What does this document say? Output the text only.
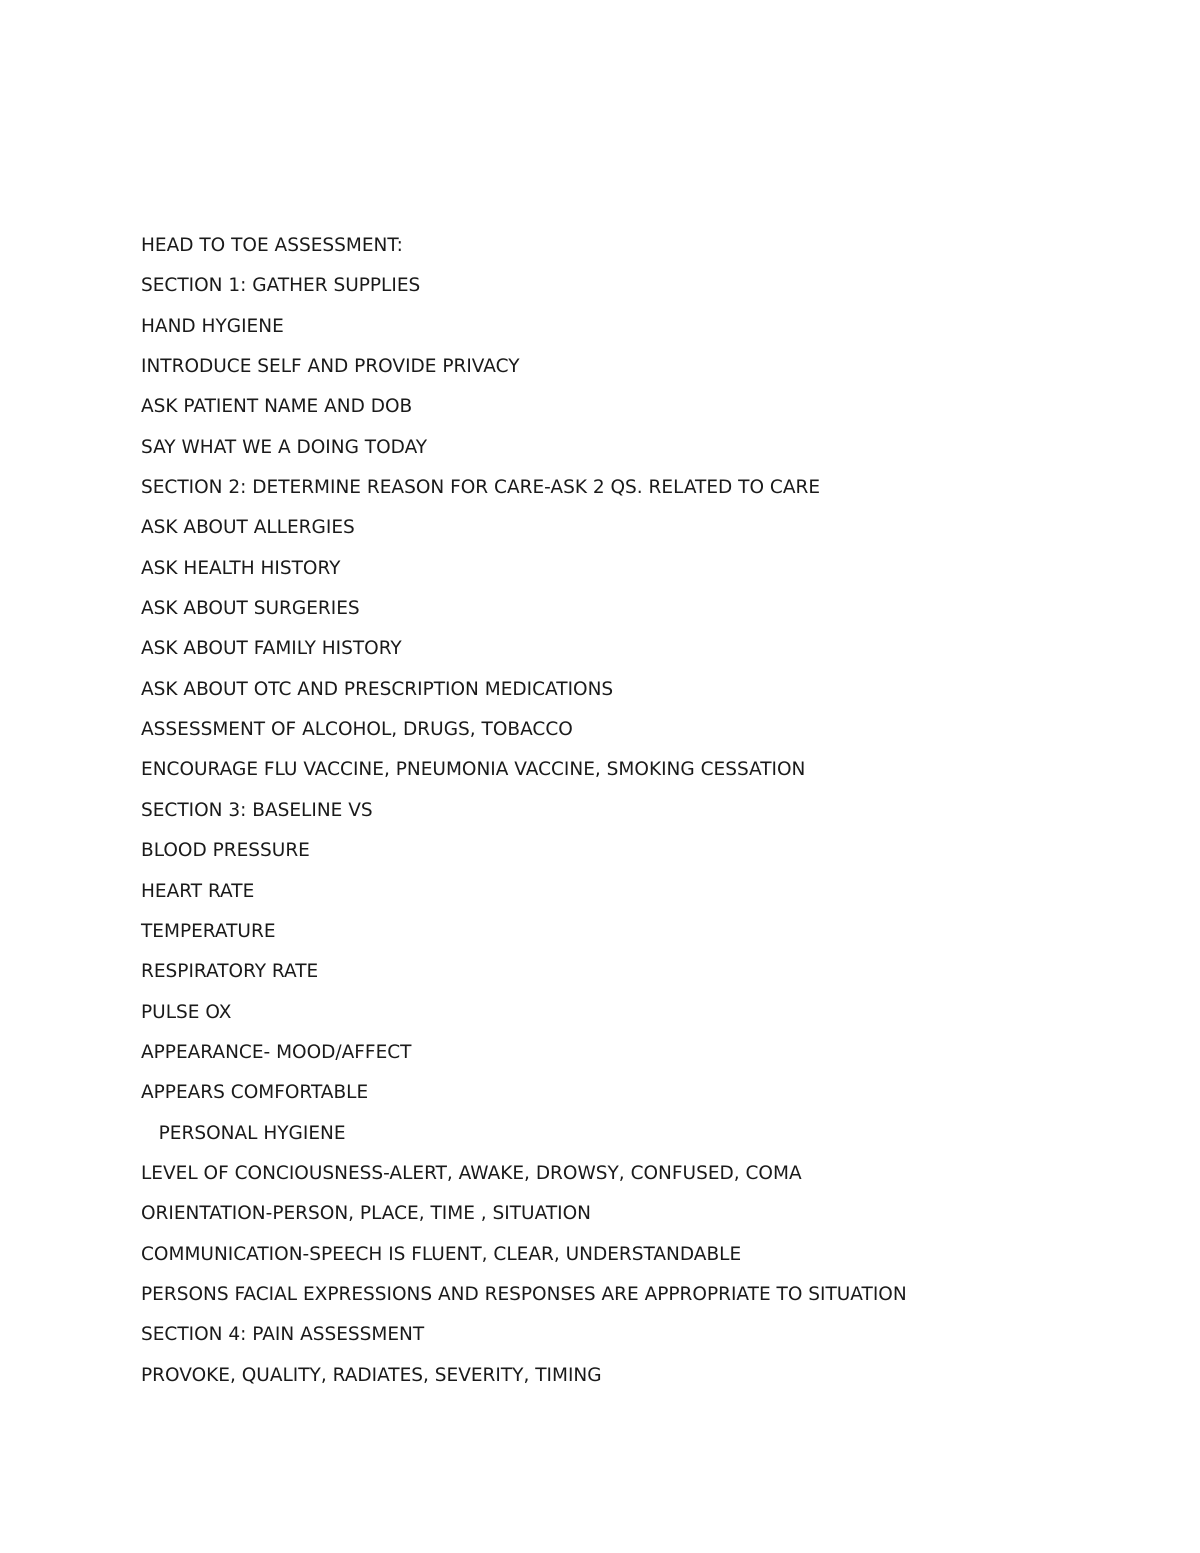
HEAD TO TOE ASSESSMENT:
SECTION 1: GATHER SUPPLIES
HAND HYGIENE
INTRODUCE SELF AND PROVIDE PRIVACY
ASK PATIENT NAME AND DOB
SAY WHAT WE A DOING TODAY
SECTION 2: DETERMINE REASON FOR CARE-ASK 2 QS. RELATED TO CARE
ASK ABOUT ALLERGIES
ASK HEALTH HISTORY
ASK ABOUT SURGERIES
ASK ABOUT FAMILY HISTORY
ASK ABOUT OTC AND PRESCRIPTION MEDICATIONS
ASSESSMENT OF ALCOHOL, DRUGS, TOBACCO
ENCOURAGE FLU VACCINE, PNEUMONIA VACCINE, SMOKING CESSATION
SECTION 3: BASELINE VS
BLOOD PRESSURE
HEART RATE
TEMPERATURE
RESPIRATORY RATE
PULSE OX
APPEARANCE- MOOD/AFFECT
APPEARS COMFORTABLE
PERSONAL HYGIENE
LEVEL OF CONCIOUSNESS-ALERT, AWAKE, DROWSY, CONFUSED, COMA
ORIENTATION-PERSON, PLACE, TIME , SITUATION
COMMUNICATION-SPEECH IS FLUENT, CLEAR, UNDERSTANDABLE
PERSONS FACIAL EXPRESSIONS AND RESPONSES ARE APPROPRIATE TO SITUATION
SECTION 4: PAIN ASSESSMENT
PROVOKE, QUALITY, RADIATES, SEVERITY, TIMING
